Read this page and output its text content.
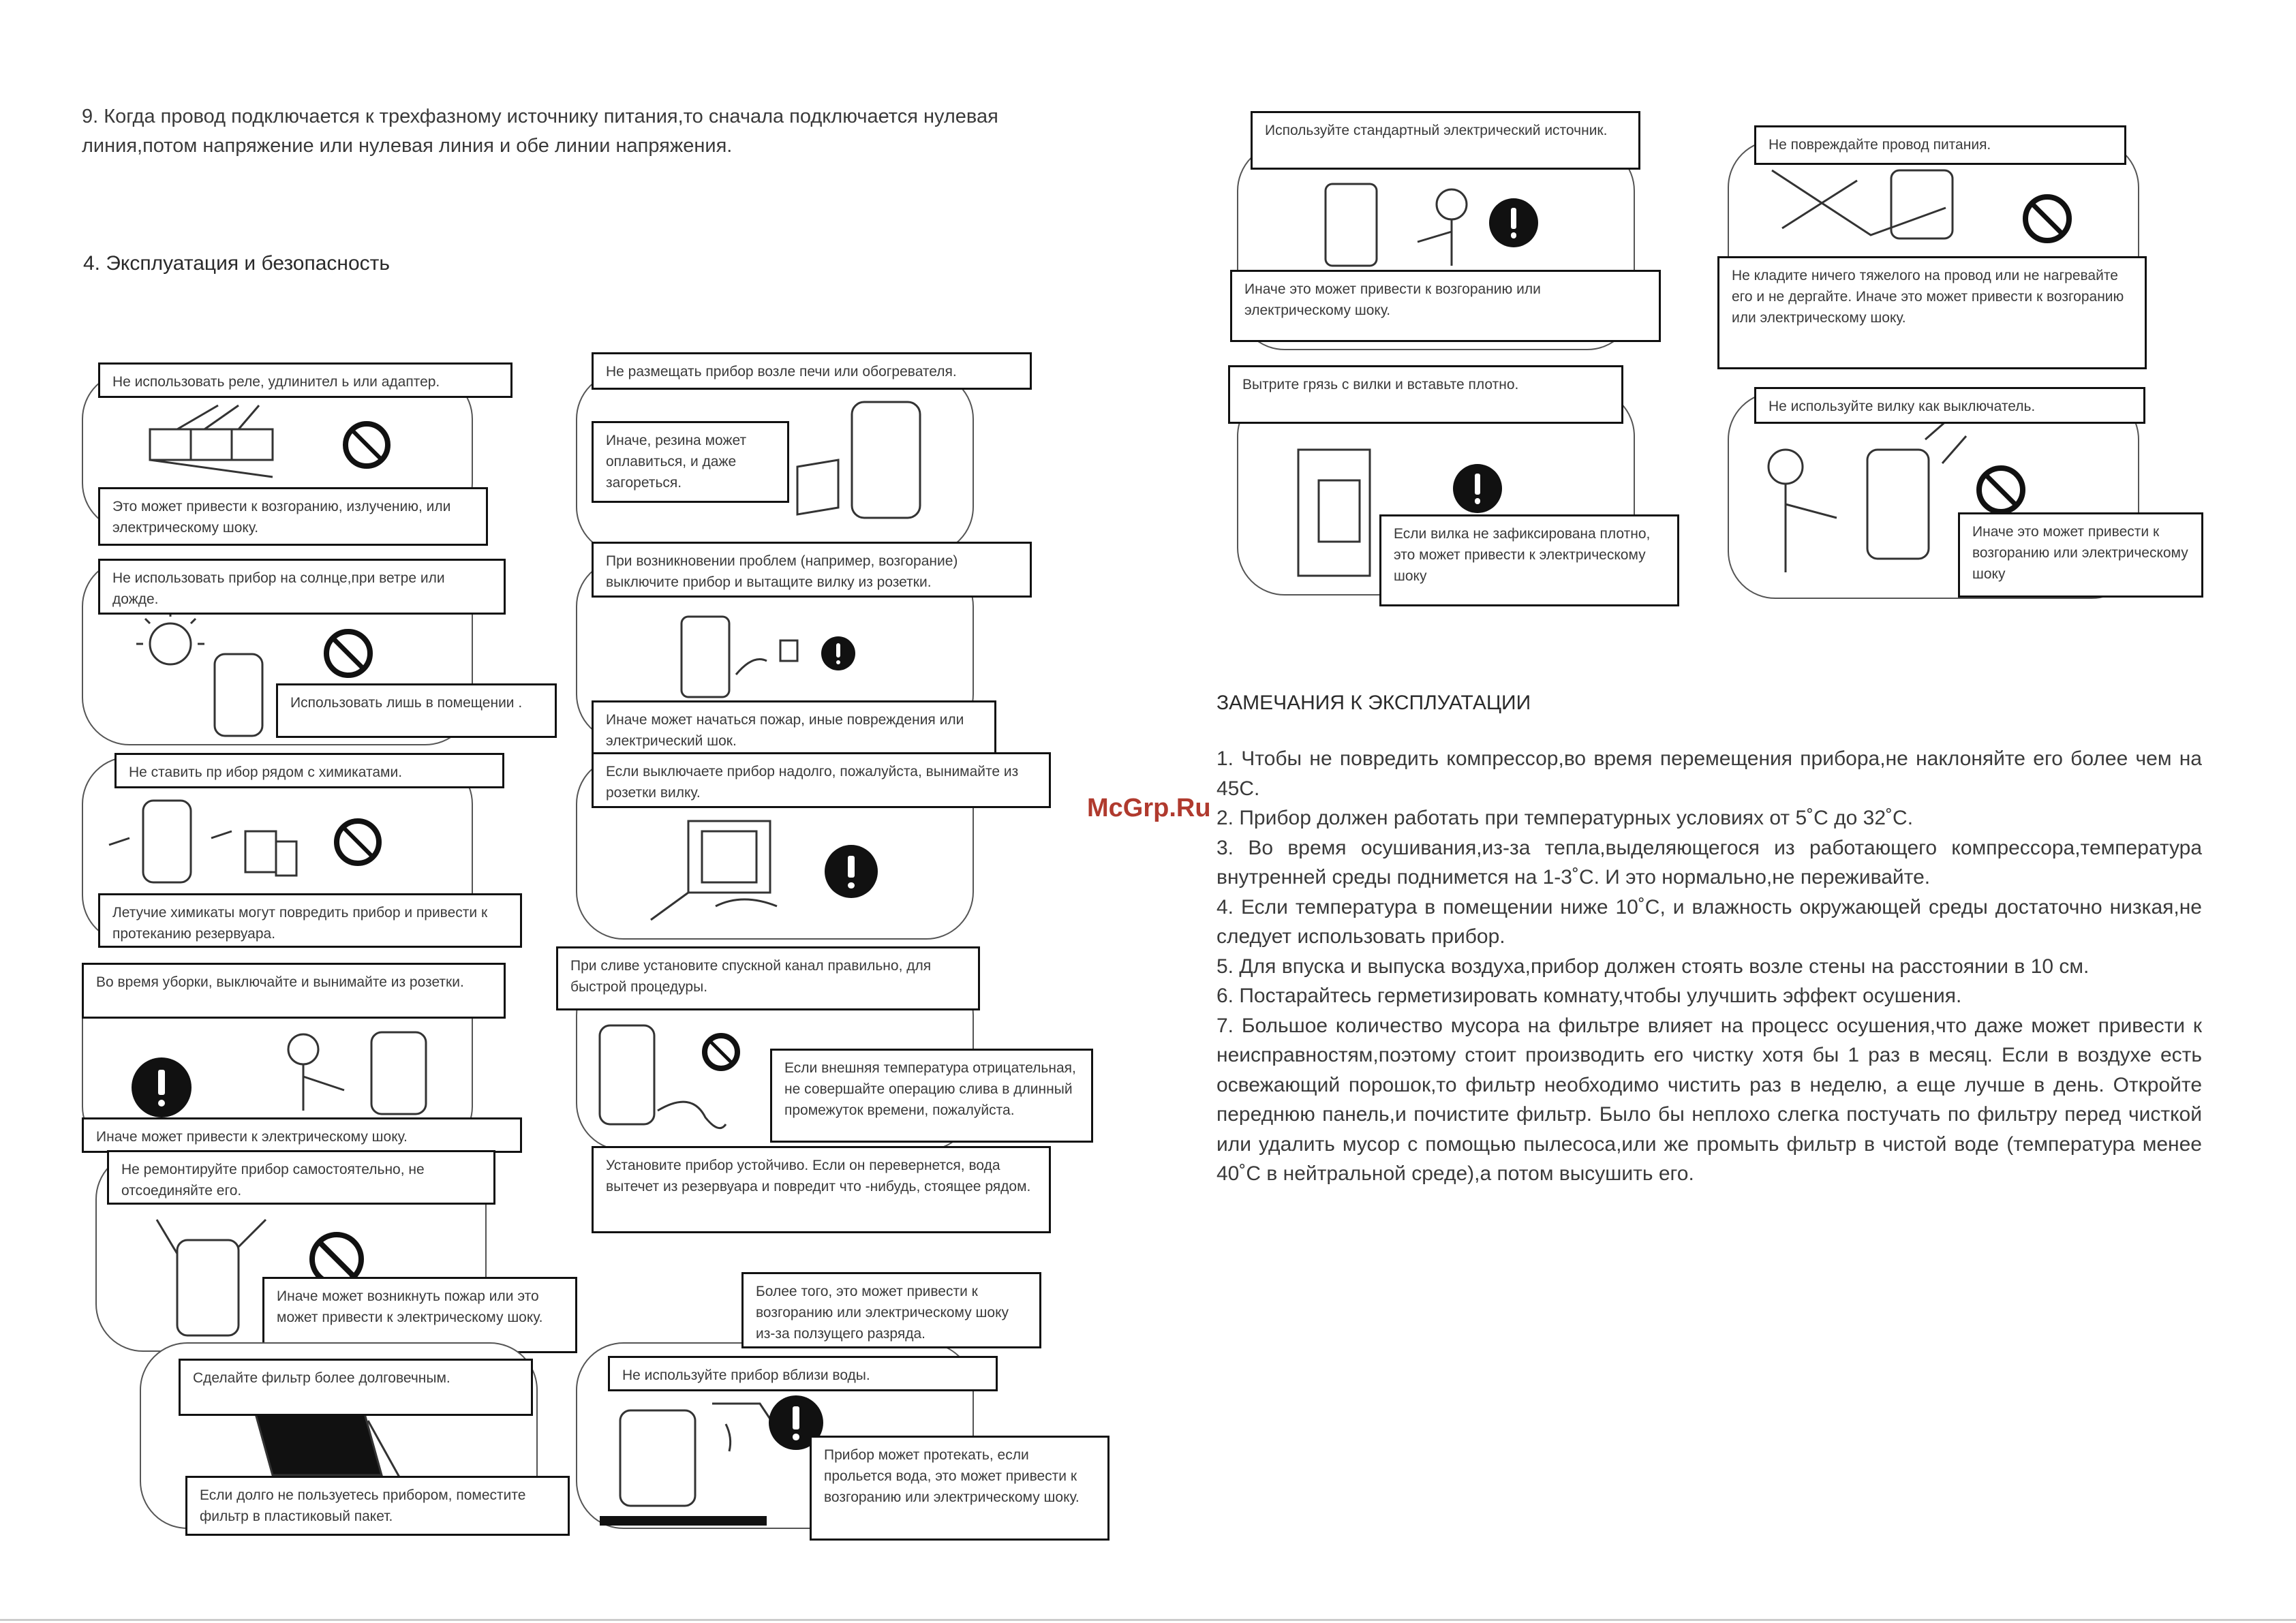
9. Когда провод подключается к трехфазному источнику питания,то сначала подключается нулевая линия,потом напряжение или нулевая линия и обе линии напряжения.
4. Эксплуатация и безопасность
McGrp.Ru
Не использовать реле, удлинител ь или адаптер.
Это может привести к возгоранию, излучению, или электрическому шоку.
Не использовать прибор на солнце,при ветре или дожде.
Использовать лишь в помещении .
Не ставить пр ибор рядом с химикатами.
Летучие химикаты могут повредить прибор и привести к протеканию резервуара.
Во время уборки, выключайте и вынимайте из розетки.
Иначе может привести к электрическому шоку.
Не ремонтируйте прибор самостоятельно, не отсоединяйте его.
Иначе может возникнуть пожар или это может привести к электрическому шоку.
Сделайте фильтр более долговечным.
Если долго не пользуетесь прибором, поместите фильтр в пластиковый пакет.
Не размещать прибор возле печи или обогревателя.
Иначе, резина может оплавиться, и даже загореться.
При возникновении проблем (например, возгорание) выключите прибор и вытащите вилку из розетки.
Иначе может начаться пожар, иные повреждения или электрический шок.
Если выключаете прибор надолго, пожалуйста, вынимайте из розетки вилку.
При сливе установите спускной канал правильно, для быстрой процедуры.
Если внешняя температура отрицательная, не совершайте операцию слива в длинный промежуток времени, пожалуйста.
Установите прибор устойчиво. Если он перевернется, вода вытечет из резервуара и повредит что -нибудь, стоящее рядом.
Более того, это может привести к возгоранию или электрическому шоку из-за ползущего разряда.
Не используйте прибор вблизи воды.
Прибор может протекать, если прольется вода, это может привести к возгоранию или электрическому шоку.
Используйте стандартный электрический источник.
Иначе это может привести к возгоранию или электрическому шоку.
Не повреждайте провод питания.
Не кладите ничего тяжелого на провод или не нагревайте его и не дергайте. Иначе это может привести к возгоранию или электрическому шоку.
Вытрите грязь с вилки и вставьте плотно.
Если вилка не зафиксирована плотно, это может привести к электрическому шоку
Не используйте вилку как выключатель.
Иначе это может привести к возгоранию или электрическому шоку
ЗАМЕЧАНИЯ К ЭКСПЛУАТАЦИИ

1. Чтобы не повредить компрессор,во время перемещения прибора,не наклоняйте его более чем на 45С.

2. Прибор должен работать при температурных условиях от 5˚С до 32˚С.

3. Во время осушивания,из-за тепла,выделяющегося из работающего компрессора,температура внутренней среды поднимется на 1-3˚С. И это нормально,не переживайте.

4. Если температура в помещении ниже 10˚С, и влажность окружающей среды достаточно низкая,не следует использовать прибор.

5. Для впуска и выпуска воздуха,прибор должен стоять возле стены на расстоянии в 10 см.

6. Постарайтесь герметизировать комнату,чтобы улучшить эффект осушения.

7. Большое количество мусора на фильтре влияет на процесс осушения,что даже может привести к неисправностям,поэтому стоит производить его чистку хотя бы 1 раз в месяц. Если в воздухе есть освежающий порошок,то фильтр необходимо чистить раз в неделю, а еще лучше в день. Откройте переднюю панель,и почистите фильтр. Было бы неплохо слегка постучать по фильтру перед чисткой или удалить мусор с помощью пылесоса,или же промыть фильтр в чистой воде (температура менее 40˚С в нейтральной среде),а потом высушить его.
